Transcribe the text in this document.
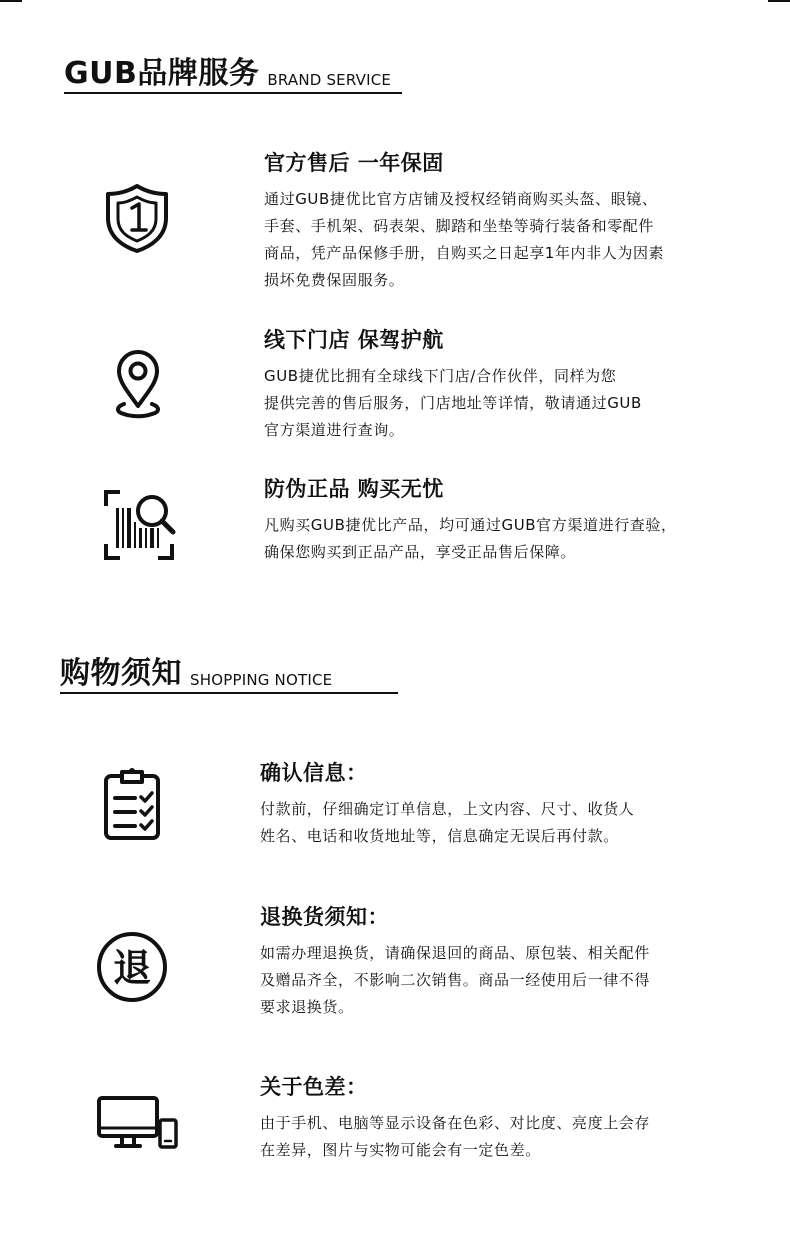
GUB品牌服务 BRAND SERVICE

官方售后 一年保固

通过GUB捷优比官方店铺及授权经销商购买头盔、眼镜、
手套、手机架、码表架、脚踏和坐垫等骑行装备和零配件
商品，凭产品保修手册，自购买之日起享1年内非人为因素
损坏免费保固服务。

线下门店 保驾护航

GUB捷优比拥有全球线下门店/合作伙伴，同样为您
提供完善的售后服务，门店地址等详情，敬请通过GUB
官方渠道进行查询。

防伪正品 购买无忧

凡购买GUB捷优比产品，均可通过GUB官方渠道进行查验，
确保您购买到正品产品，享受正品售后保障。

购物须知 SHOPPING NOTICE

确认信息：

付款前，仔细确定订单信息，上文内容、尺寸、收货人
姓名、电话和收货地址等，信息确定无误后再付款。

退

退换货须知：

如需办理退换货，请确保退回的商品、原包装、相关配件
及赠品齐全，不影响二次销售。商品一经使用后一律不得
要求退换货。

关于色差：

由于手机、电脑等显示设备在色彩、对比度、亮度上会存
在差异，图片与实物可能会有一定色差。
